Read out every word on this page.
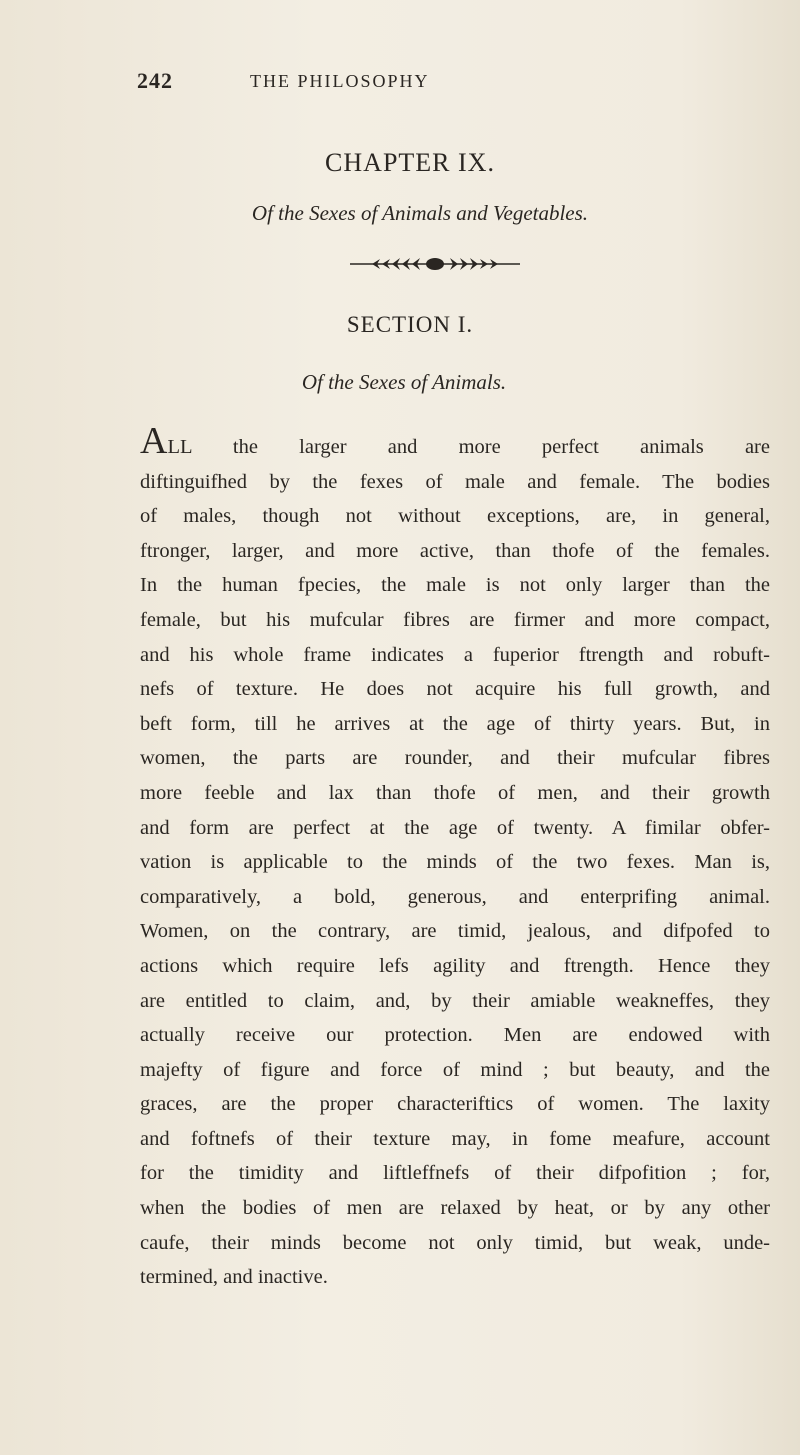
242	THE PHILOSOPHY
CHAPTER IX.
Of the Sexes of Animals and Vegetables.
SECTION I.
Of the Sexes of Animals.
ALL the larger and more perfect animals are
diftinguifhed by the fexes of male and female. The bodies
of males, though not without exceptions, are, in general,
ftronger, larger, and more active, than thofe of the females.
In the human fpecies, the male is not only larger than the
female, but his mufcular fibres are firmer and more compact,
and his whole frame indicates a fuperior ftrength and robuft-
nefs of texture. He does not acquire his full growth, and
beft form, till he arrives at the age of thirty years. But, in
women, the parts are rounder, and their mufcular fibres
more feeble and lax than thofe of men, and their growth
and form are perfect at the age of twenty. A fimilar obfer-
vation is applicable to the minds of the two fexes. Man is,
comparatively, a bold, generous, and enterprifing animal.
Women, on the contrary, are timid, jealous, and difpofed to
actions which require lefs agility and ftrength. Hence they
are entitled to claim, and, by their amiable weakneffes, they
actually receive our protection. Men are endowed with
majefty of figure and force of mind ; but beauty, and the
graces, are the proper characteriftics of women. The laxity
and foftnefs of their texture may, in fome meafure, account
for the timidity and liftleffnefs of their difpofition ; for,
when the bodies of men are relaxed by heat, or by any other
caufe, their minds become not only timid, but weak, unde-
termined, and inactive.
